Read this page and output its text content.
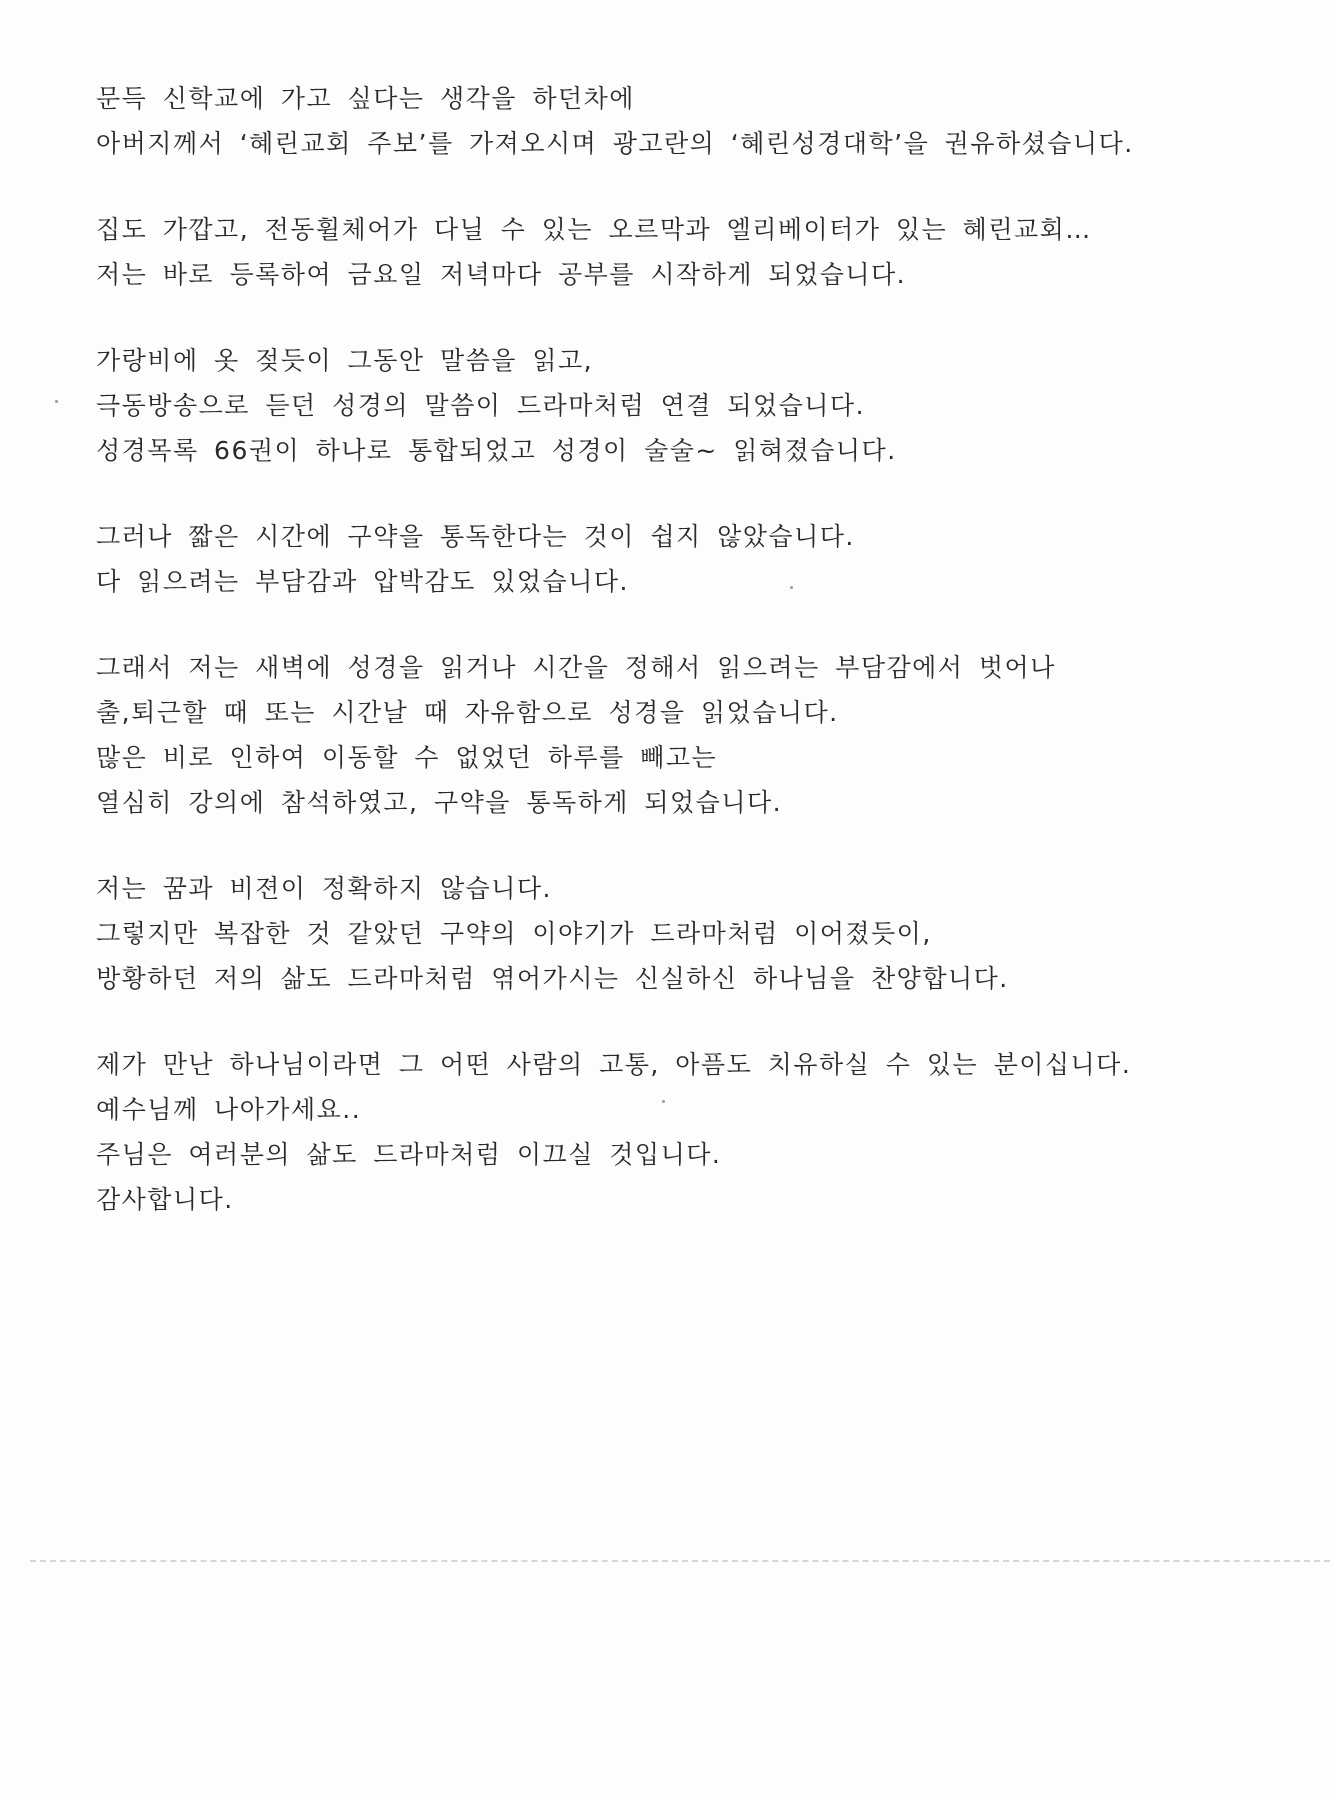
문득 신학교에 가고 싶다는 생각을 하던차에
아버지께서 ‘혜린교회 주보’를 가져오시며 광고란의 ‘혜린성경대학’을 권유하셨습니다.
집도 가깝고, 전동휠체어가 다닐 수 있는 오르막과 엘리베이터가 있는 혜린교회…
저는 바로 등록하여 금요일 저녁마다 공부를 시작하게 되었습니다.
가랑비에 옷 젖듯이 그동안 말씀을 읽고,
극동방송으로 듣던 성경의 말씀이 드라마처럼 연결 되었습니다.
성경목록 66권이 하나로 통합되었고 성경이 술술~ 읽혀졌습니다.
그러나 짧은 시간에 구약을 통독한다는 것이 쉽지 않았습니다.
다 읽으려는 부담감과 압박감도 있었습니다.
그래서 저는 새벽에 성경을 읽거나 시간을 정해서 읽으려는 부담감에서 벗어나
출,퇴근할 때 또는 시간날 때 자유함으로 성경을 읽었습니다.
많은 비로 인하여 이동할 수 없었던 하루를 빼고는
열심히 강의에 참석하였고, 구약을 통독하게 되었습니다.
저는 꿈과 비젼이 정확하지 않습니다.
그렇지만 복잡한 것 같았던 구약의 이야기가 드라마처럼 이어졌듯이,
방황하던 저의 삶도 드라마처럼 엮어가시는 신실하신 하나님을 찬양합니다.
제가 만난 하나님이라면 그 어떤 사람의 고통, 아픔도 치유하실 수 있는 분이십니다.
예수님께 나아가세요..
주님은 여러분의 삶도 드라마처럼 이끄실 것입니다.
감사합니다.
